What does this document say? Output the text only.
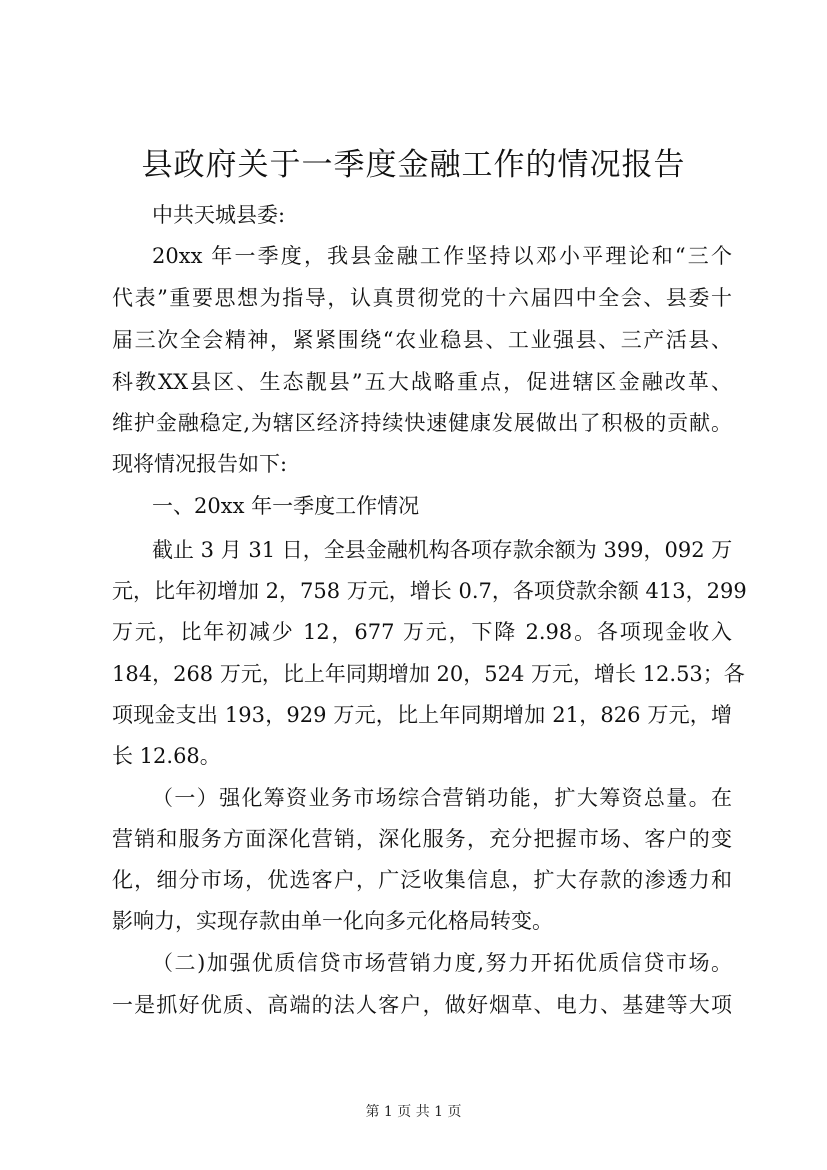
县政府关于一季度金融工作的情况报告
中共天城县委:
20xx 年一季度，我县金融工作坚持以邓小平理论和“三个
代表”重要思想为指导，认真贯彻党的十六届四中全会、县委十
届三次全会精神，紧紧围绕“农业稳县、工业强县、三产活县、
科教XX县区、生态靓县”五大战略重点，促进辖区金融改革、
维护金融稳定,为辖区经济持续快速健康发展做出了积极的贡献。
现将情况报告如下:
一、20xx 年一季度工作情况
截止 3 月 31 日，全县金融机构各项存款余额为 399，092 万
元，比年初增加 2，758 万元，增长 0.7，各项贷款余额 413，299
万元，比年初减少 12，677 万元，下降 2.98。各项现金收入
184，268 万元，比上年同期增加 20，524 万元，增长 12.53；各
项现金支出 193，929 万元，比上年同期增加 21，826 万元，增
长 12.68。
（一）强化筹资业务市场综合营销功能，扩大筹资总量。在
营销和服务方面深化营销，深化服务，充分把握市场、客户的变
化，细分市场，优选客户，广泛收集信息，扩大存款的渗透力和
影响力，实现存款由单一化向多元化格局转变。
（二)加强优质信贷市场营销力度,努力开拓优质信贷市场。
一是抓好优质、高端的法人客户，做好烟草、电力、基建等大项
第 1 页 共 1 页
